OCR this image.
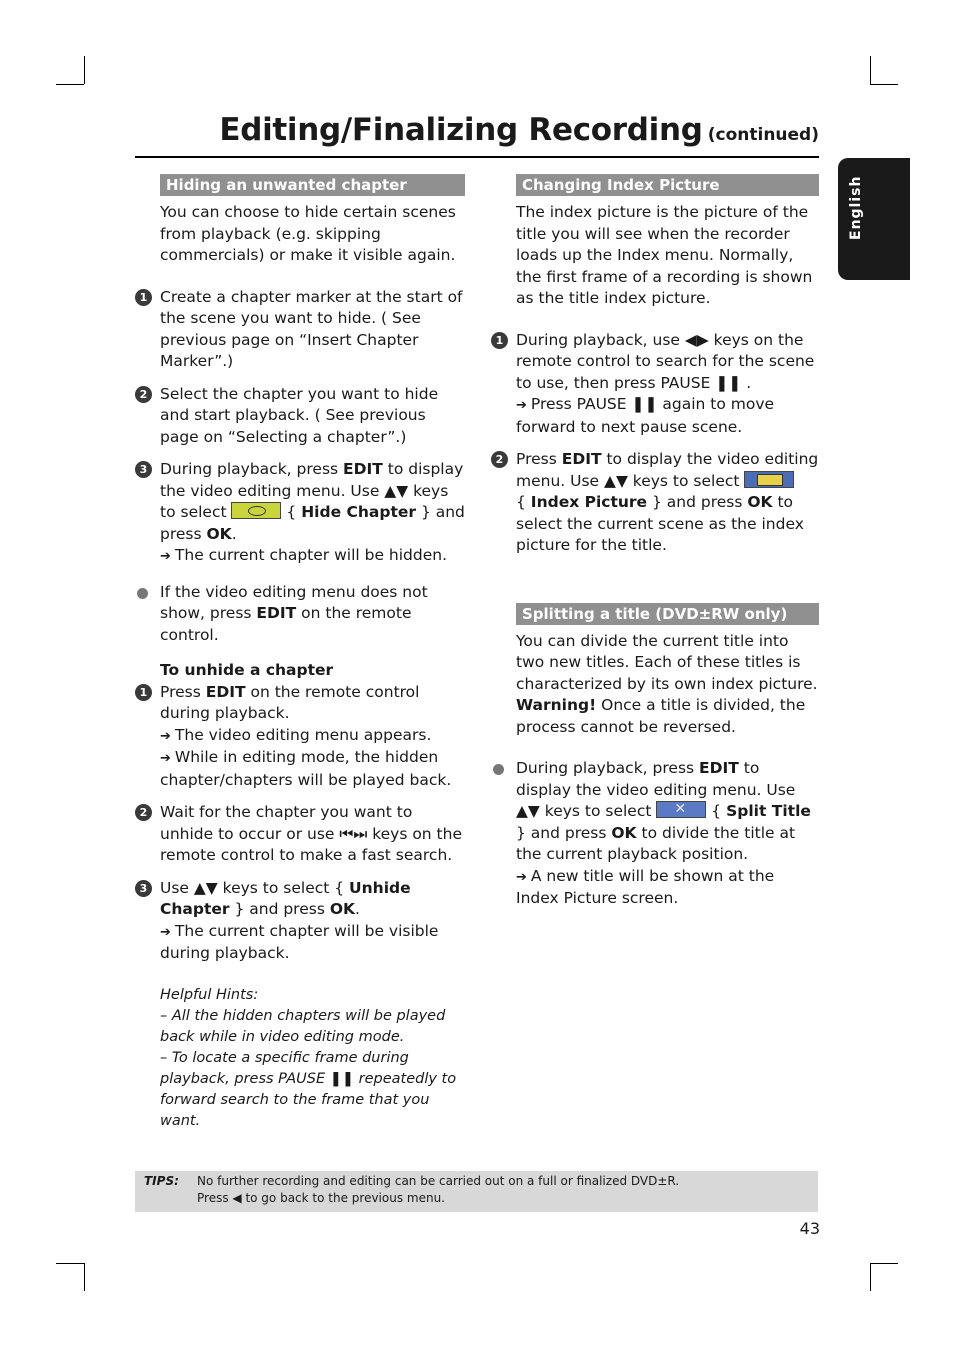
Editing/Finalizing Recording (continued)
English
Hiding an unwanted chapter

You can choose to hide certain scenes from playback (e.g. skipping commercials) or make it visible again.

1 Create a chapter marker at the start of the scene you want to hide. ( See previous page on “Insert Chapter Marker”.)

2 Select the chapter you want to hide and start playback. ( See previous page on “Selecting a chapter”.)

3 During playback, press EDIT to display the video editing menu. Use ▲▼ keys to select	{ Hide Chapter } and press OK.

➔ The current chapter will be hidden.

If the video editing menu does not show, press EDIT on the remote control.

To unhide a chapter

1 Press EDIT on the remote control during playback.

➔ The video editing menu appears.

➔ While in editing mode, the hidden chapter/chapters will be played back.

2 Wait for the chapter you want to unhide to occur or use ⏮⏭ keys on the remote control to make a fast search.

3 Use ▲▼ keys to select { Unhide Chapter } and press OK.

➔ The current chapter will be visible during playback.

Helpful Hints:

– All the hidden chapters will be played back while in video editing mode.

– To locate a specific frame during playback, press PAUSE ❚❚ repeatedly to forward search to the frame that you want.

Changing Index Picture

The index picture is the picture of the title you will see when the recorder loads up the Index menu. Normally, the first frame of a recording is shown as the title index picture.

1 During playback, use ◀▶ keys on the remote control to search for the scene to use, then press PAUSE ❚❚ .

➔ Press PAUSE ❚❚ again to move forward to next pause scene.

2 Press EDIT to display the video editing menu. Use ▲▼ keys to select
{ Index Picture } and press OK to select the current scene as the index picture for the title.

Splitting a title (DVD±RW only)

You can divide the current title into two new titles. Each of these titles is characterized by its own index picture. Warning! Once a title is divided, the process cannot be reversed.

During playback, press EDIT to display the video editing menu. Use ▲▼ keys to select ✕	{ Split Title } and press OK to divide the title at the current playback position.

➔ A new title will be shown at the Index Picture screen.

TIPS: No further recording and editing can be carried out on a full or finalized DVD±R.
Press ◀ to go back to the previous menu.
43
